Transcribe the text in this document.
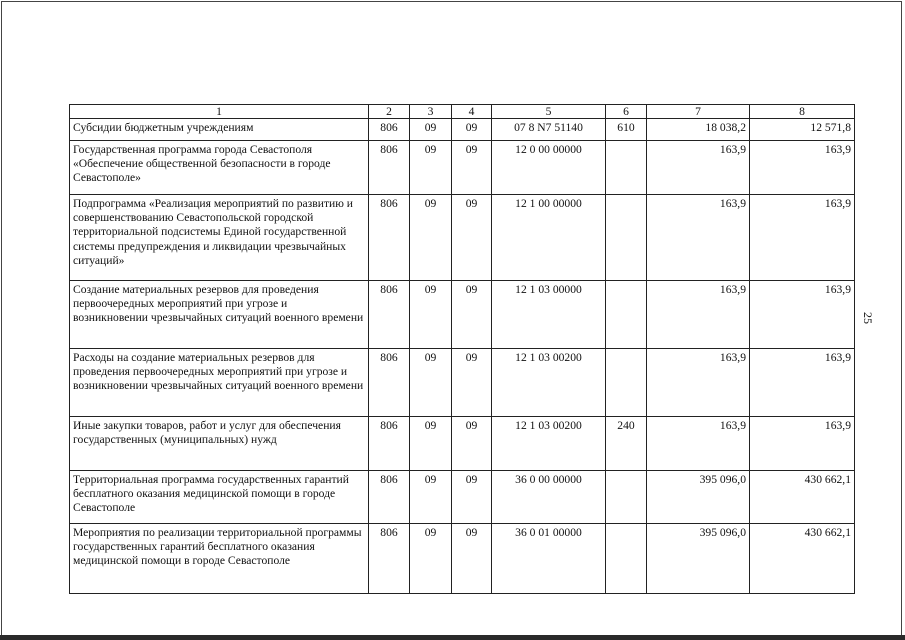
1	2	3	4	5	6	7	8
Субсидии бюджетным учреждениям	806	09	09	07 8 N7 51140	610	18 038,2	12 571,8
Государственная программа города Севастополя «Обеспечение общественной безопасности в городе Севастополе»	806	09	09	12 0 00 00000		163,9	163,9
Подпрограмма «Реализация мероприятий по развитию и совершенствованию Севастопольской городской территориальной подсистемы Единой государственной системы предупреждения и ликвидации чрезвычайных ситуаций»	806	09	09	12 1 00 00000		163,9	163,9
Создание материальных резервов для проведения первоочередных мероприятий при угрозе и возникновении чрезвычайных ситуаций военного времени	806	09	09	12 1 03 00000		163,9	163,9
Расходы на создание материальных резервов для проведения первоочередных мероприятий при угрозе и возникновении чрезвычайных ситуаций военного времени	806	09	09	12 1 03 00200		163,9	163,9
Иные закупки товаров, работ и услуг для обеспечения государственных (муниципальных) нужд	806	09	09	12 1 03 00200	240	163,9	163,9
Территориальная программа государственных гарантий бесплатного оказания медицинской помощи в городе Севастополе	806	09	09	36 0 00 00000		395 096,0	430 662,1
Мероприятия по реализации территориальной программы государственных гарантий бесплатного оказания медицинской помощи в городе Севастополе	806	09	09	36 0 01 00000		395 096,0	430 662,1
25
